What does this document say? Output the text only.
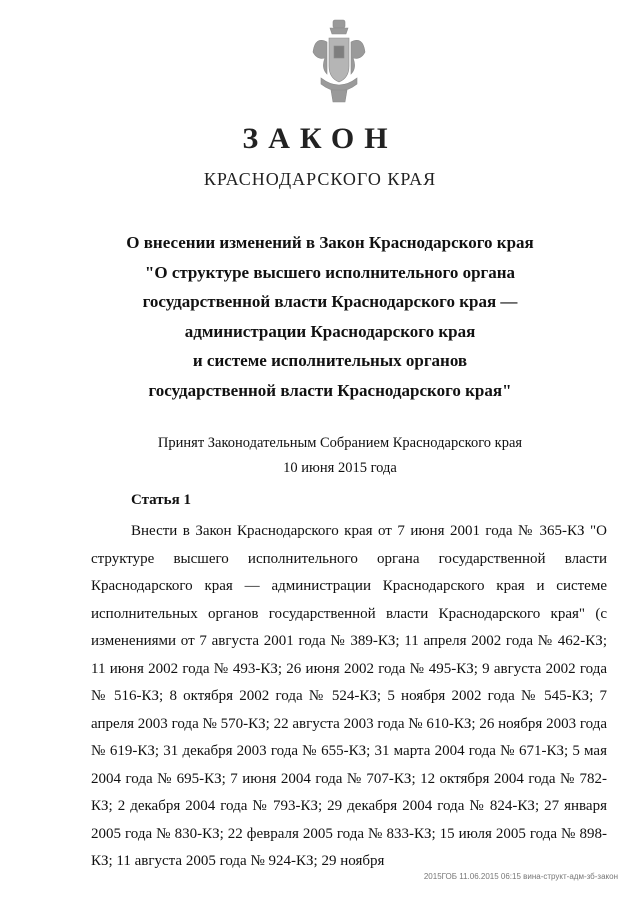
ЗАКОН
КРАСНОДАРСКОГО КРАЯ
О внесении изменений в Закон Краснодарского края
"О структуре высшего исполнительного органа
государственной власти Краснодарского края —
администрации Краснодарского края
и системе исполнительных органов
государственной власти Краснодарского края"
Принят Законодательным Собранием Краснодарского края
10 июня 2015 года
Статья 1

Внести в Закон Краснодарского края от 7 июня 2001 года № 365-КЗ "О структуре высшего исполнительного органа государственной власти Краснодарского края — администрации Краснодарского края и системе исполнительных органов государственной власти Краснодарского края" (с изменениями от 7 августа 2001 года № 389-КЗ; 11 апреля 2002 года № 462-КЗ; 11 июня 2002 года № 493-КЗ; 26 июня 2002 года № 495-КЗ; 9 августа 2002 года № 516-КЗ; 8 октября 2002 года № 524-КЗ; 5 ноября 2002 года № 545-КЗ; 7 апреля 2003 года № 570-КЗ; 22 августа 2003 года № 610-КЗ; 26 ноября 2003 года № 619-КЗ; 31 декабря 2003 года № 655-КЗ; 31 марта 2004 года № 671-КЗ; 5 мая 2004 года № 695-КЗ; 7 июня 2004 года № 707-КЗ; 12 октября 2004 года № 782-КЗ; 2 декабря 2004 года № 793-КЗ; 29 декабря 2004 года № 824-КЗ; 27 января 2005 года № 830-КЗ; 22 февраля 2005 года № 833-КЗ; 15 июля 2005 года № 898-КЗ; 11 августа 2005 года № 924-КЗ; 29 ноября

2015ГОБ 11.06.2015 06:15 вина-структ-адм-зб-закон
